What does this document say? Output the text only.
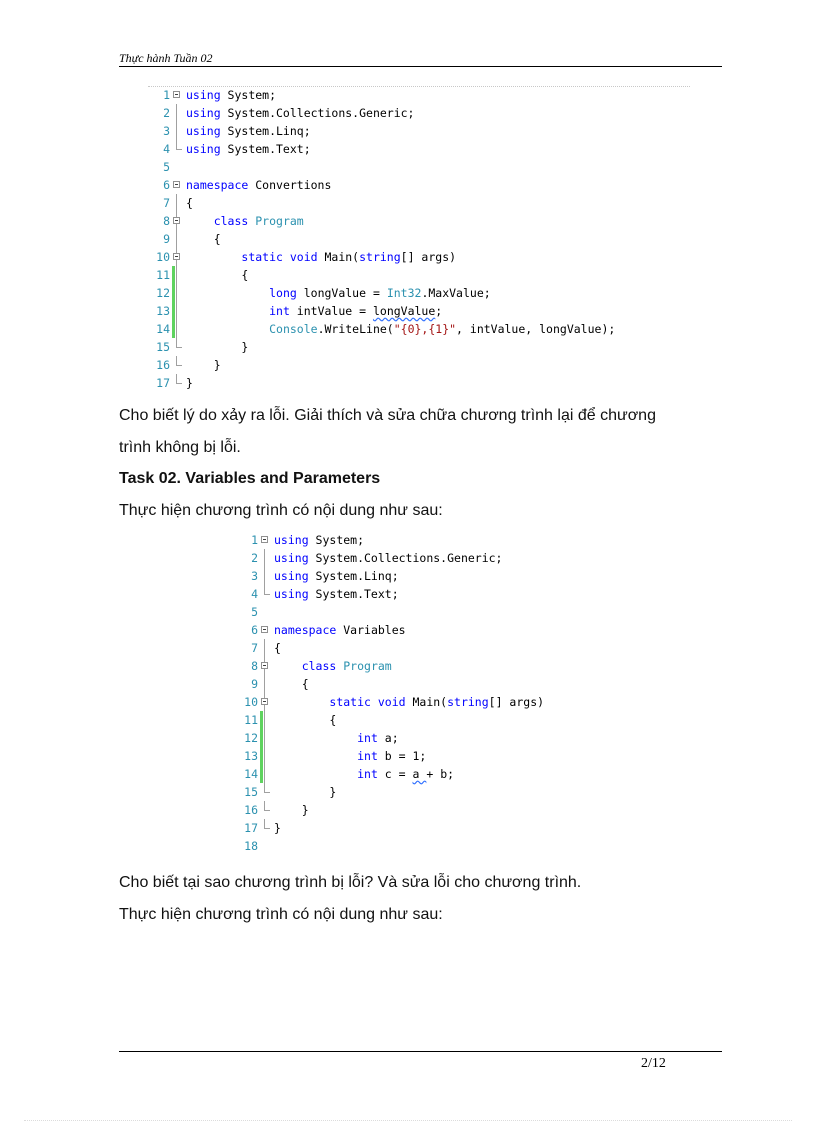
Thực hành Tuần 02
1 using System;
2 using System.Collections.Generic;
3 using System.Linq;
4 using System.Text;
5
6 namespace Convertions
7 {
8	class Program
9 {
10	static void Main(string[] args)
11 {
12	long longValue = Int32.MaxValue;
13	int intValue = longValue;
14	Console.WriteLine("{0},{1}", intValue, longValue);
15 }
16 }
17 }
Cho biết lý do xảy ra lỗi. Giải thích và sửa chữa chương trình lại để chương
trình không bị lỗi.
Task 02. Variables and Parameters
Thực hiện chương trình có nội dung như sau:
1 using System;
2 using System.Collections.Generic;
3 using System.Linq;
4 using System.Text;
5
6 namespace Variables
7 {
8	class Program
9 {
10	static void Main(string[] args)
11 {
12	int a;
13	int b = 1;
14	int c = a + b;
15 }
16 }
17 }
18
Cho biết tại sao chương trình bị lỗi? Và sửa lỗi cho chương trình.
Thực hiện chương trình có nội dung như sau:
2/12
